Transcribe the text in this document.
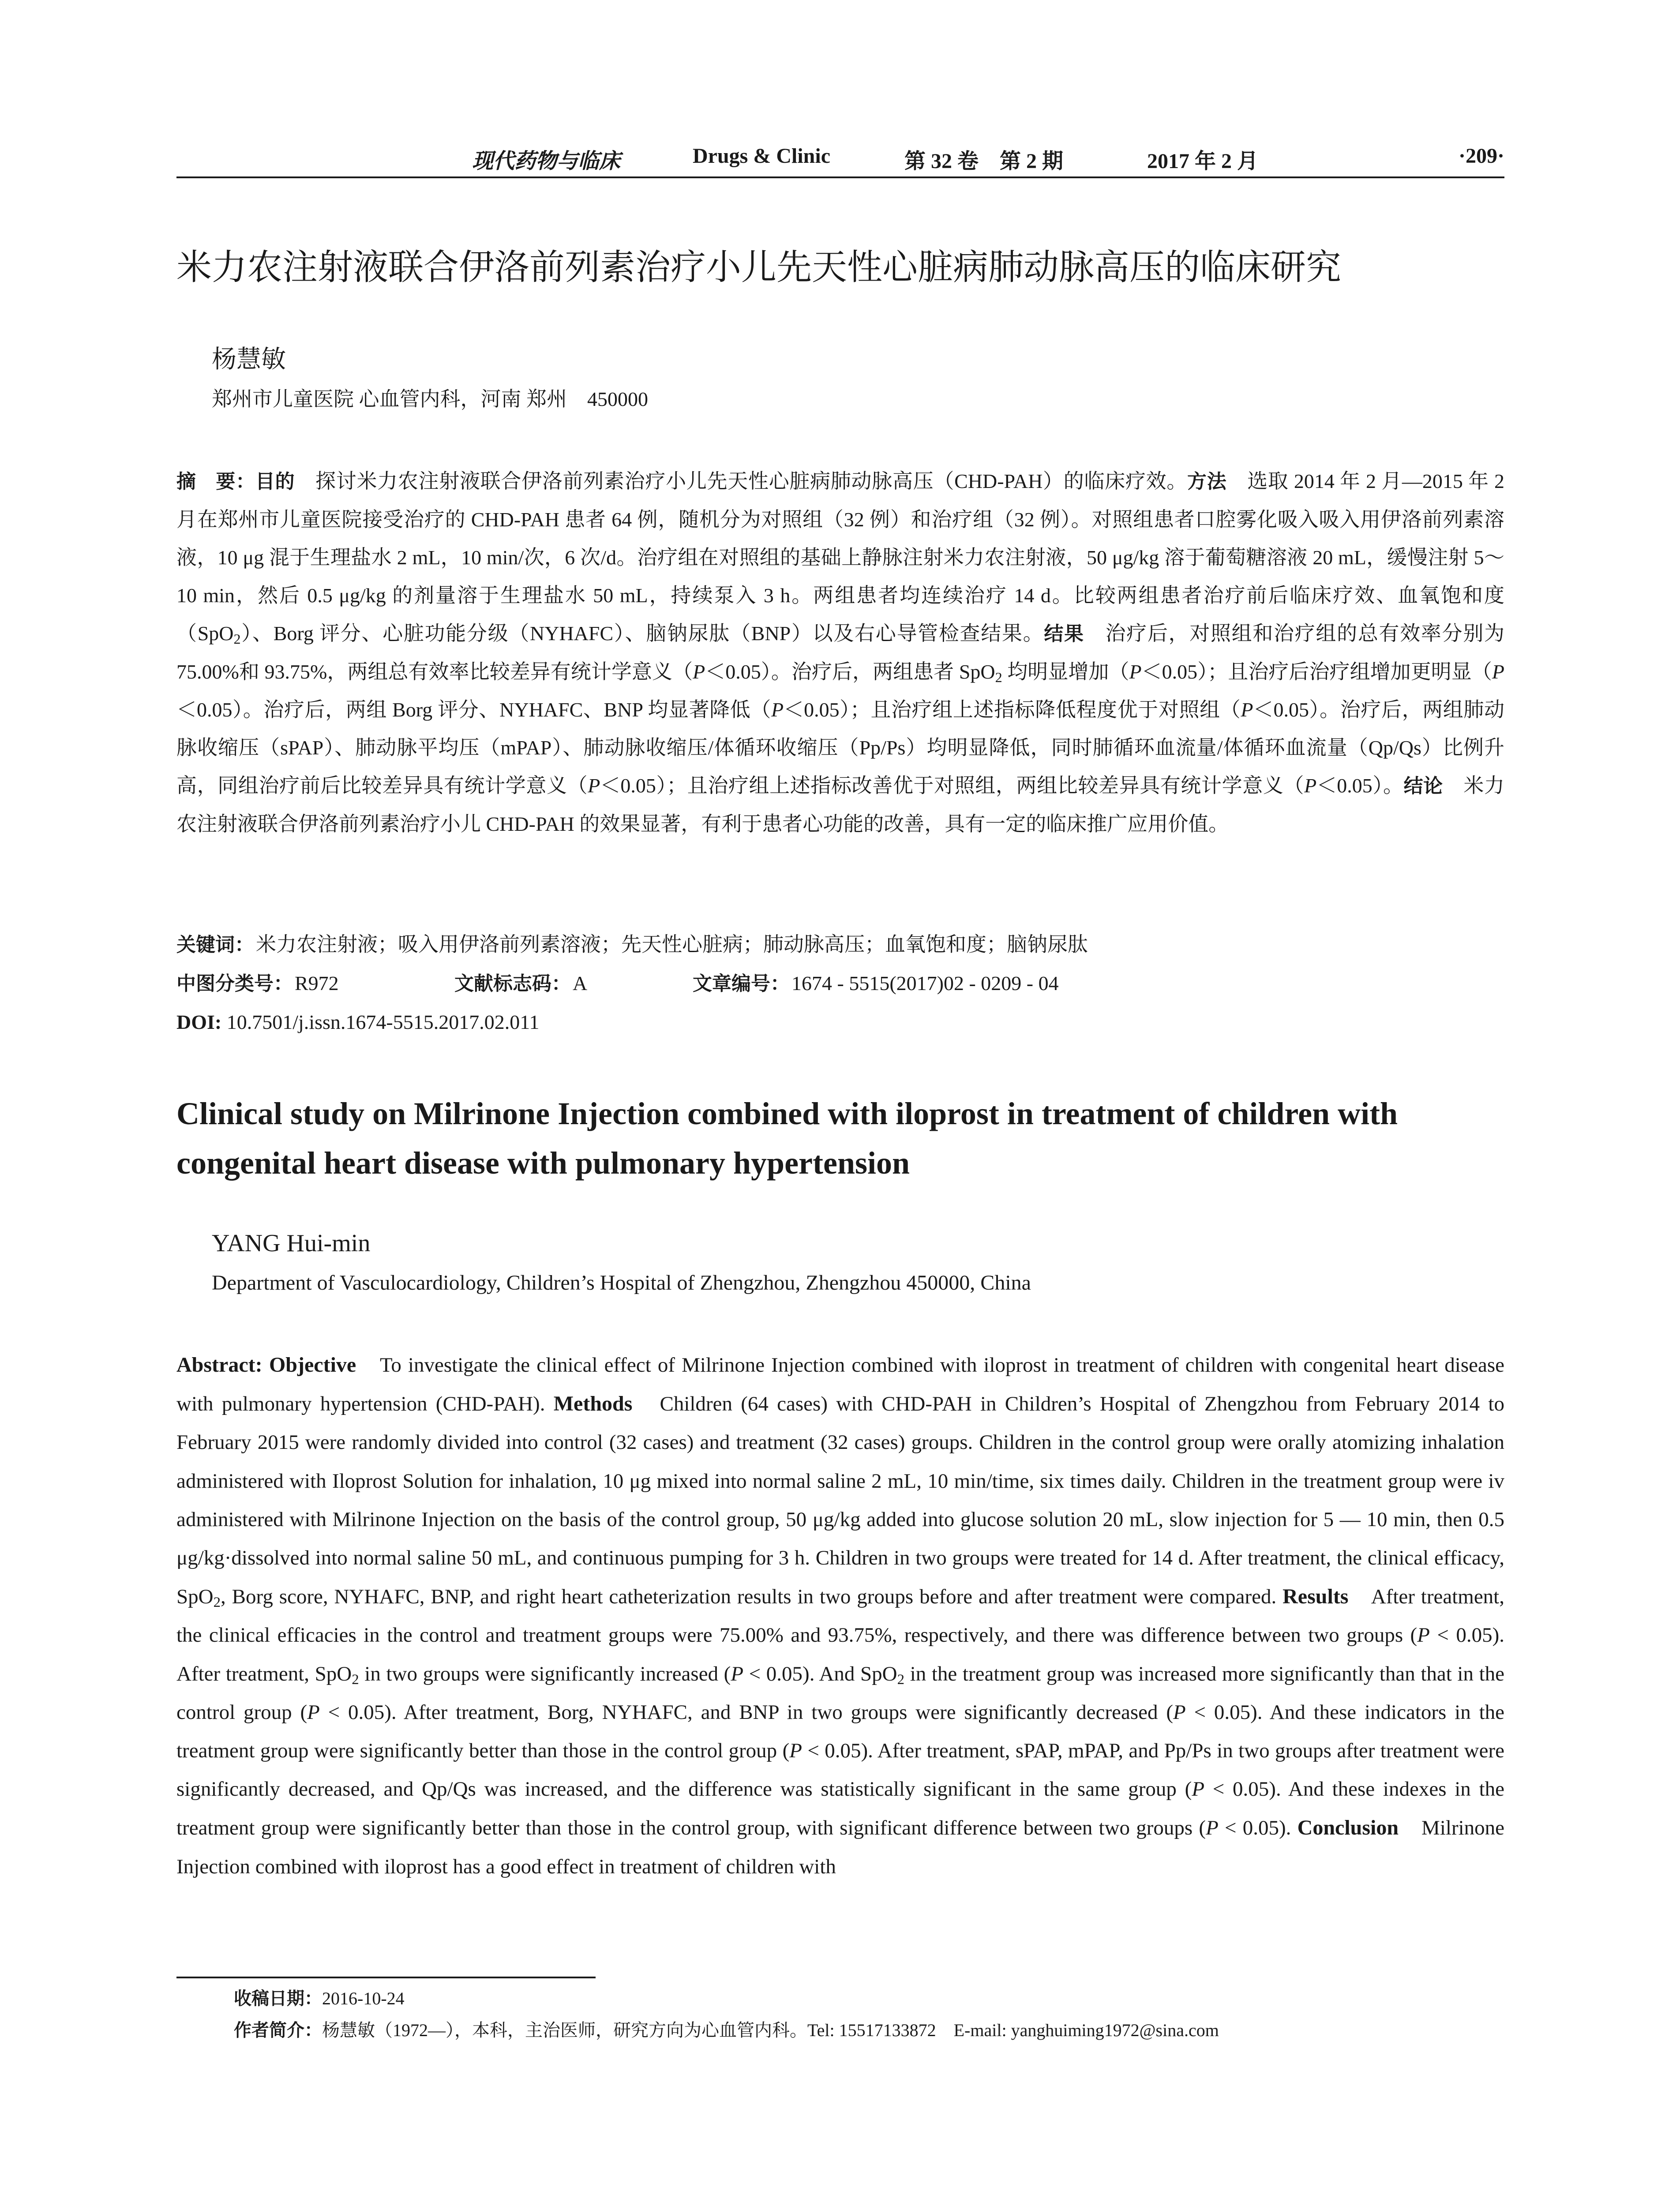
现代药物与临床	Drugs & Clinic	第 32 卷　第 2 期	2017 年 2 月	·209·
米力农注射液联合伊洛前列素治疗小儿先天性心脏病肺动脉高压的临床研究
杨慧敏
郑州市儿童医院 心血管内科，河南 郑州　450000
摘　要：目的　 探讨米力农注射液联合伊洛前列素治疗小儿先天性心脏病肺动脉高压（CHD-PAH）的临床疗效。方法　 选取 2014 年 2 月—2015 年 2 月在郑州市儿童医院接受治疗的 CHD-PAH 患者 64 例，随机分为对照组（32 例）和治疗组（32 例）。对照组患者口腔雾化吸入吸入用伊洛前列素溶液，10 μg 混于生理盐水 2 mL，10 min/次，6 次/d。治疗组在对照组的基础上静脉注射米力农注射液，50 μg/kg 溶于葡萄糖溶液 20 mL，缓慢注射 5～10 min，然后 0.5 μg/kg 的剂量溶于生理盐水 50 mL，持续泵入 3 h。两组患者均连续治疗 14 d。比较两组患者治疗前后临床疗效、血氧饱和度（SpO$_2$）、Borg 评分、心脏功能分级（NYHAFC）、脑钠尿肽（BNP）以及右心导管检查结果。结果　 治疗后，对照组和治疗组的总有效率分别为 75.00%和 93.75%，两组总有效率比较差异有统计学意义（P＜0.05）。治疗后，两组患者 SpO$_2$ 均明显增加（P＜0.05）；且治疗后治疗组增加更明显（P＜0.05）。治疗后，两组 Borg 评分、NYHAFC、BNP 均显著降低（P＜0.05）；且治疗组上述指标降低程度优于对照组（P＜0.05）。治疗后，两组肺动脉收缩压（sPAP）、肺动脉平均压（mPAP）、肺动脉收缩压/体循环收缩压（Pp/Ps）均明显降低，同时肺循环血流量/体循环血流量（Qp/Qs）比例升高，同组治疗前后比较差异具有统计学意义（P＜0.05）；且治疗组上述指标改善优于对照组，两组比较差异具有统计学意义（P＜0.05）。结论　 米力农注射液联合伊洛前列素治疗小儿 CHD-PAH 的效果显著，有利于患者心功能的改善，具有一定的临床推广应用价值。
关键词：米力农注射液；吸入用伊洛前列素溶液；先天性心脏病；肺动脉高压；血氧饱和度；脑钠尿肽
中图分类号：R972	文献标志码：A	文章编号：1674 - 5515(2017)02 - 0209 - 04
DOI: 10.7501/j.issn.1674-5515.2017.02.011
Clinical study on Milrinone Injection combined with iloprost in treatment of children with congenital heart disease with pulmonary hypertension
YANG Hui-min
Department of Vasculocardiology, Children’s Hospital of Zhengzhou, Zhengzhou 450000, China
Abstract: Objective　 To investigate the clinical effect of Milrinone Injection combined with iloprost in treatment of children with congenital heart disease with pulmonary hypertension (CHD-PAH). Methods　 Children (64 cases) with CHD-PAH in Children’s Hospital of Zhengzhou from February 2014 to February 2015 were randomly divided into control (32 cases) and treatment (32 cases) groups. Children in the control group were orally atomizing inhalation administered with Iloprost Solution for inhalation, 10 μg mixed into normal saline 2 mL, 10 min/time, six times daily. Children in the treatment group were iv administered with Milrinone Injection on the basis of the control group, 50 μg/kg added into glucose solution 20 mL, slow injection for 5 — 10 min, then 0.5 μg/kg·dissolved into normal saline 50 mL, and continuous pumping for 3 h. Children in two groups were treated for 14 d. After treatment, the clinical efficacy, SpO$_2$, Borg score, NYHAFC, BNP, and right heart catheterization results in two groups before and after treatment were compared. Results　 After treatment, the clinical efficacies in the control and treatment groups were 75.00% and 93.75%, respectively, and there was difference between two groups (P < 0.05). After treatment, SpO$_2$ in two groups were significantly increased (P < 0.05). And SpO$_2$ in the treatment group was increased more significantly than that in the control group (P < 0.05). After treatment, Borg, NYHAFC, and BNP in two groups were significantly decreased (P < 0.05). And these indicators in the treatment group were significantly better than those in the control group (P < 0.05). After treatment, sPAP, mPAP, and Pp/Ps in two groups after treatment were significantly decreased, and Qp/Qs was increased, and the difference was statistically significant in the same group (P < 0.05). And these indexes in the treatment group were significantly better than those in the control group, with significant difference between two groups (P < 0.05). Conclusion　 Milrinone Injection combined with iloprost has a good effect in treatment of children with
收稿日期：2016-10-24
作者简介：杨慧敏（1972—），本科，主治医师，研究方向为心血管内科。Tel: 15517133872　E-mail: yanghuiming1972@sina.com
